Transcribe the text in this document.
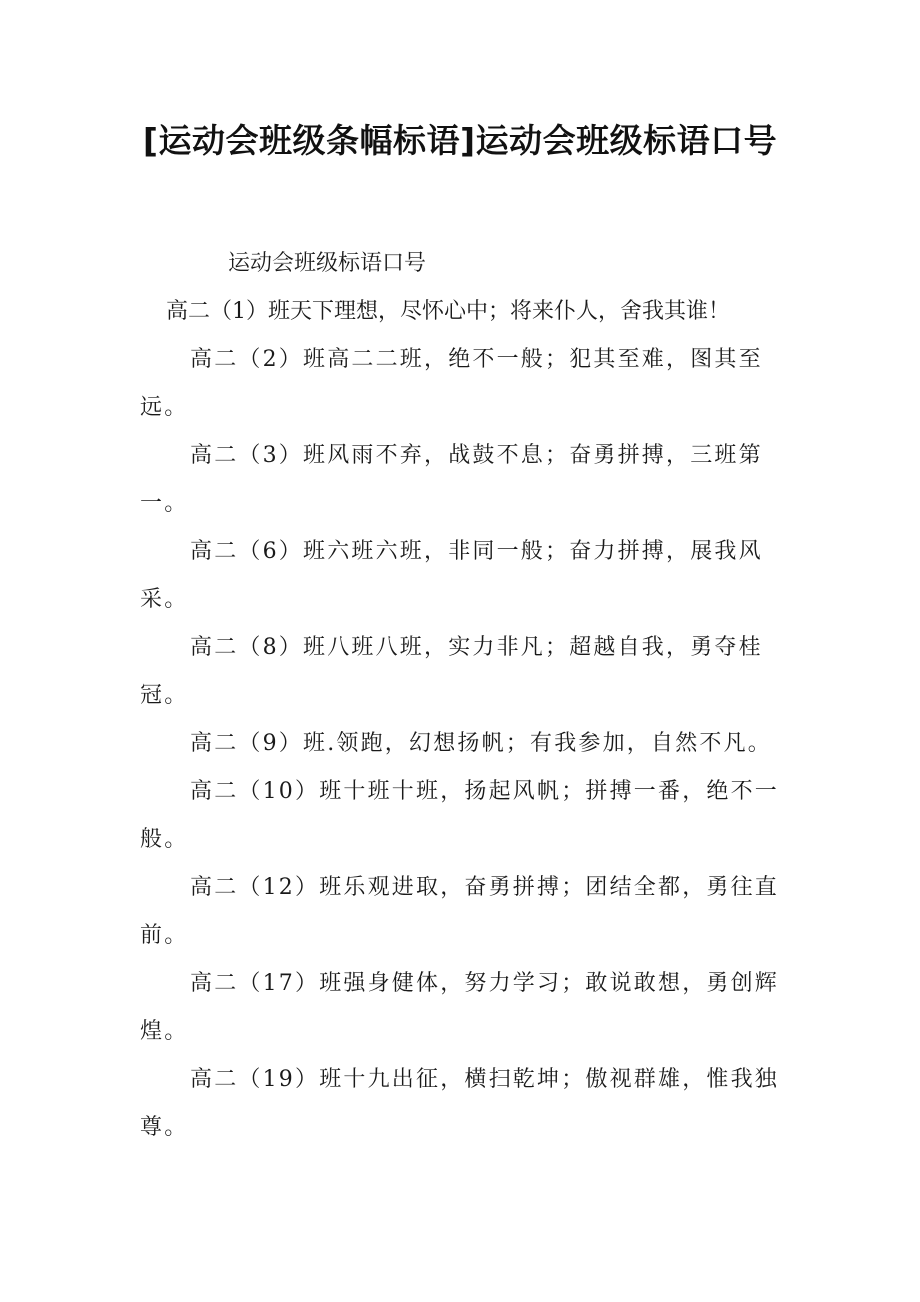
[运动会班级条幅标语]运动会班级标语口号

运动会班级标语口号

高二（1）班天下理想，尽怀心中；将来仆人，舍我其谁！

高二（2）班高二二班，绝不一般；犯其至难，图其至远。

高二（3）班风雨不弃，战鼓不息；奋勇拼搏，三班第一。

高二（6）班六班六班，非同一般；奋力拼搏，展我风采。

高二（8）班八班八班，实力非凡；超越自我，勇夺桂冠。

高二（9）班.领跑，幻想扬帆；有我参加，自然不凡。

高二（10）班十班十班，扬起风帆；拼搏一番，绝不一般。

高二（12）班乐观进取，奋勇拼搏；团结全都，勇往直前。

高二（17）班强身健体，努力学习；敢说敢想，勇创辉煌。

高二（19）班十九出征，横扫乾坤；傲视群雄，惟我独尊。
